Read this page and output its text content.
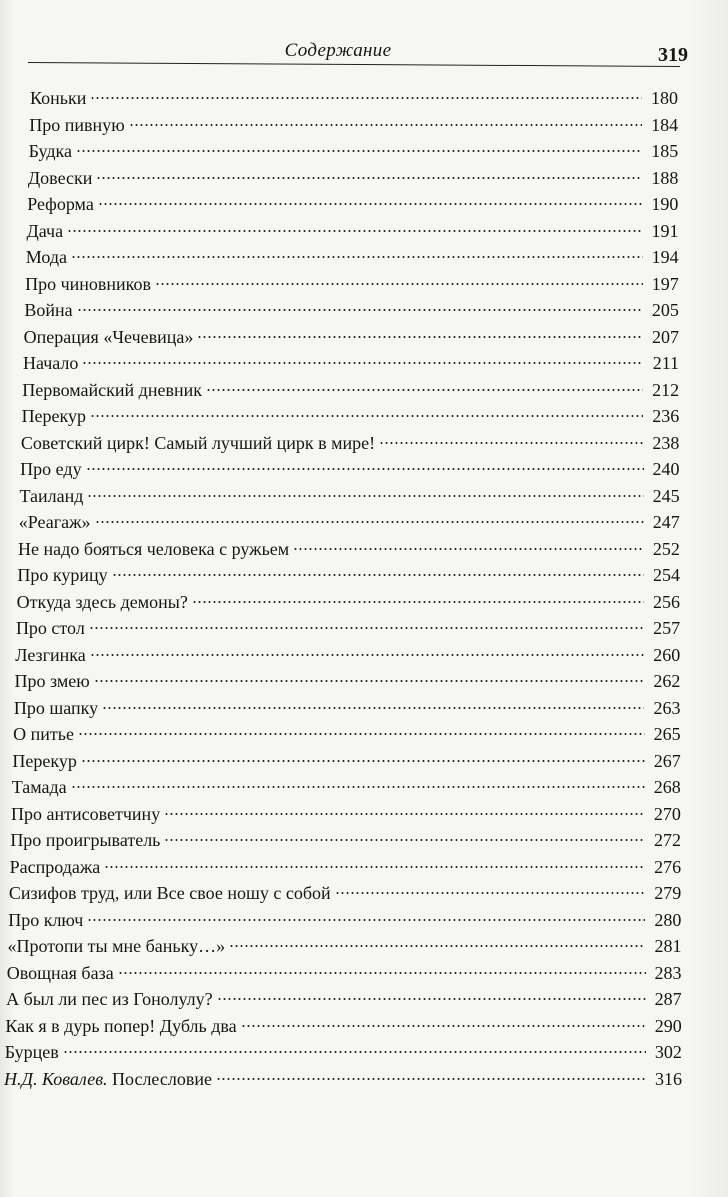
Содержание	319
Коньки	180
Про пивную	184
Будка	185
Довески	188
Реформа	190
Дача	191
Мода	194
Про чиновников	197
Война	205
Операция «Чечевица»	207
Начало	211
Первомайский дневник	212
Перекур	236
Советский цирк! Самый лучший цирк в мире!	238
Про еду	240
Таиланд	245
«Реагаж»	247
Не надо бояться человека с ружьем	252
Про курицу	254
Откуда здесь демоны?	256
Про стол	257
Лезгинка	260
Про змею	262
Про шапку	263
О питье	265
Перекур	267
Тамада	268
Про антисоветчину	270
Про проигрыватель	272
Распродажа	276
Сизифов труд, или Все свое ношу с собой	279
Про ключ	280
«Протопи ты мне баньку…»	281
Овощная база	283
А был ли пес из Гонолулу?	287
Как я в дурь попер! Дубль два	290
Бурцев	302
Н.Д. Ковалев. Послесловие	316
